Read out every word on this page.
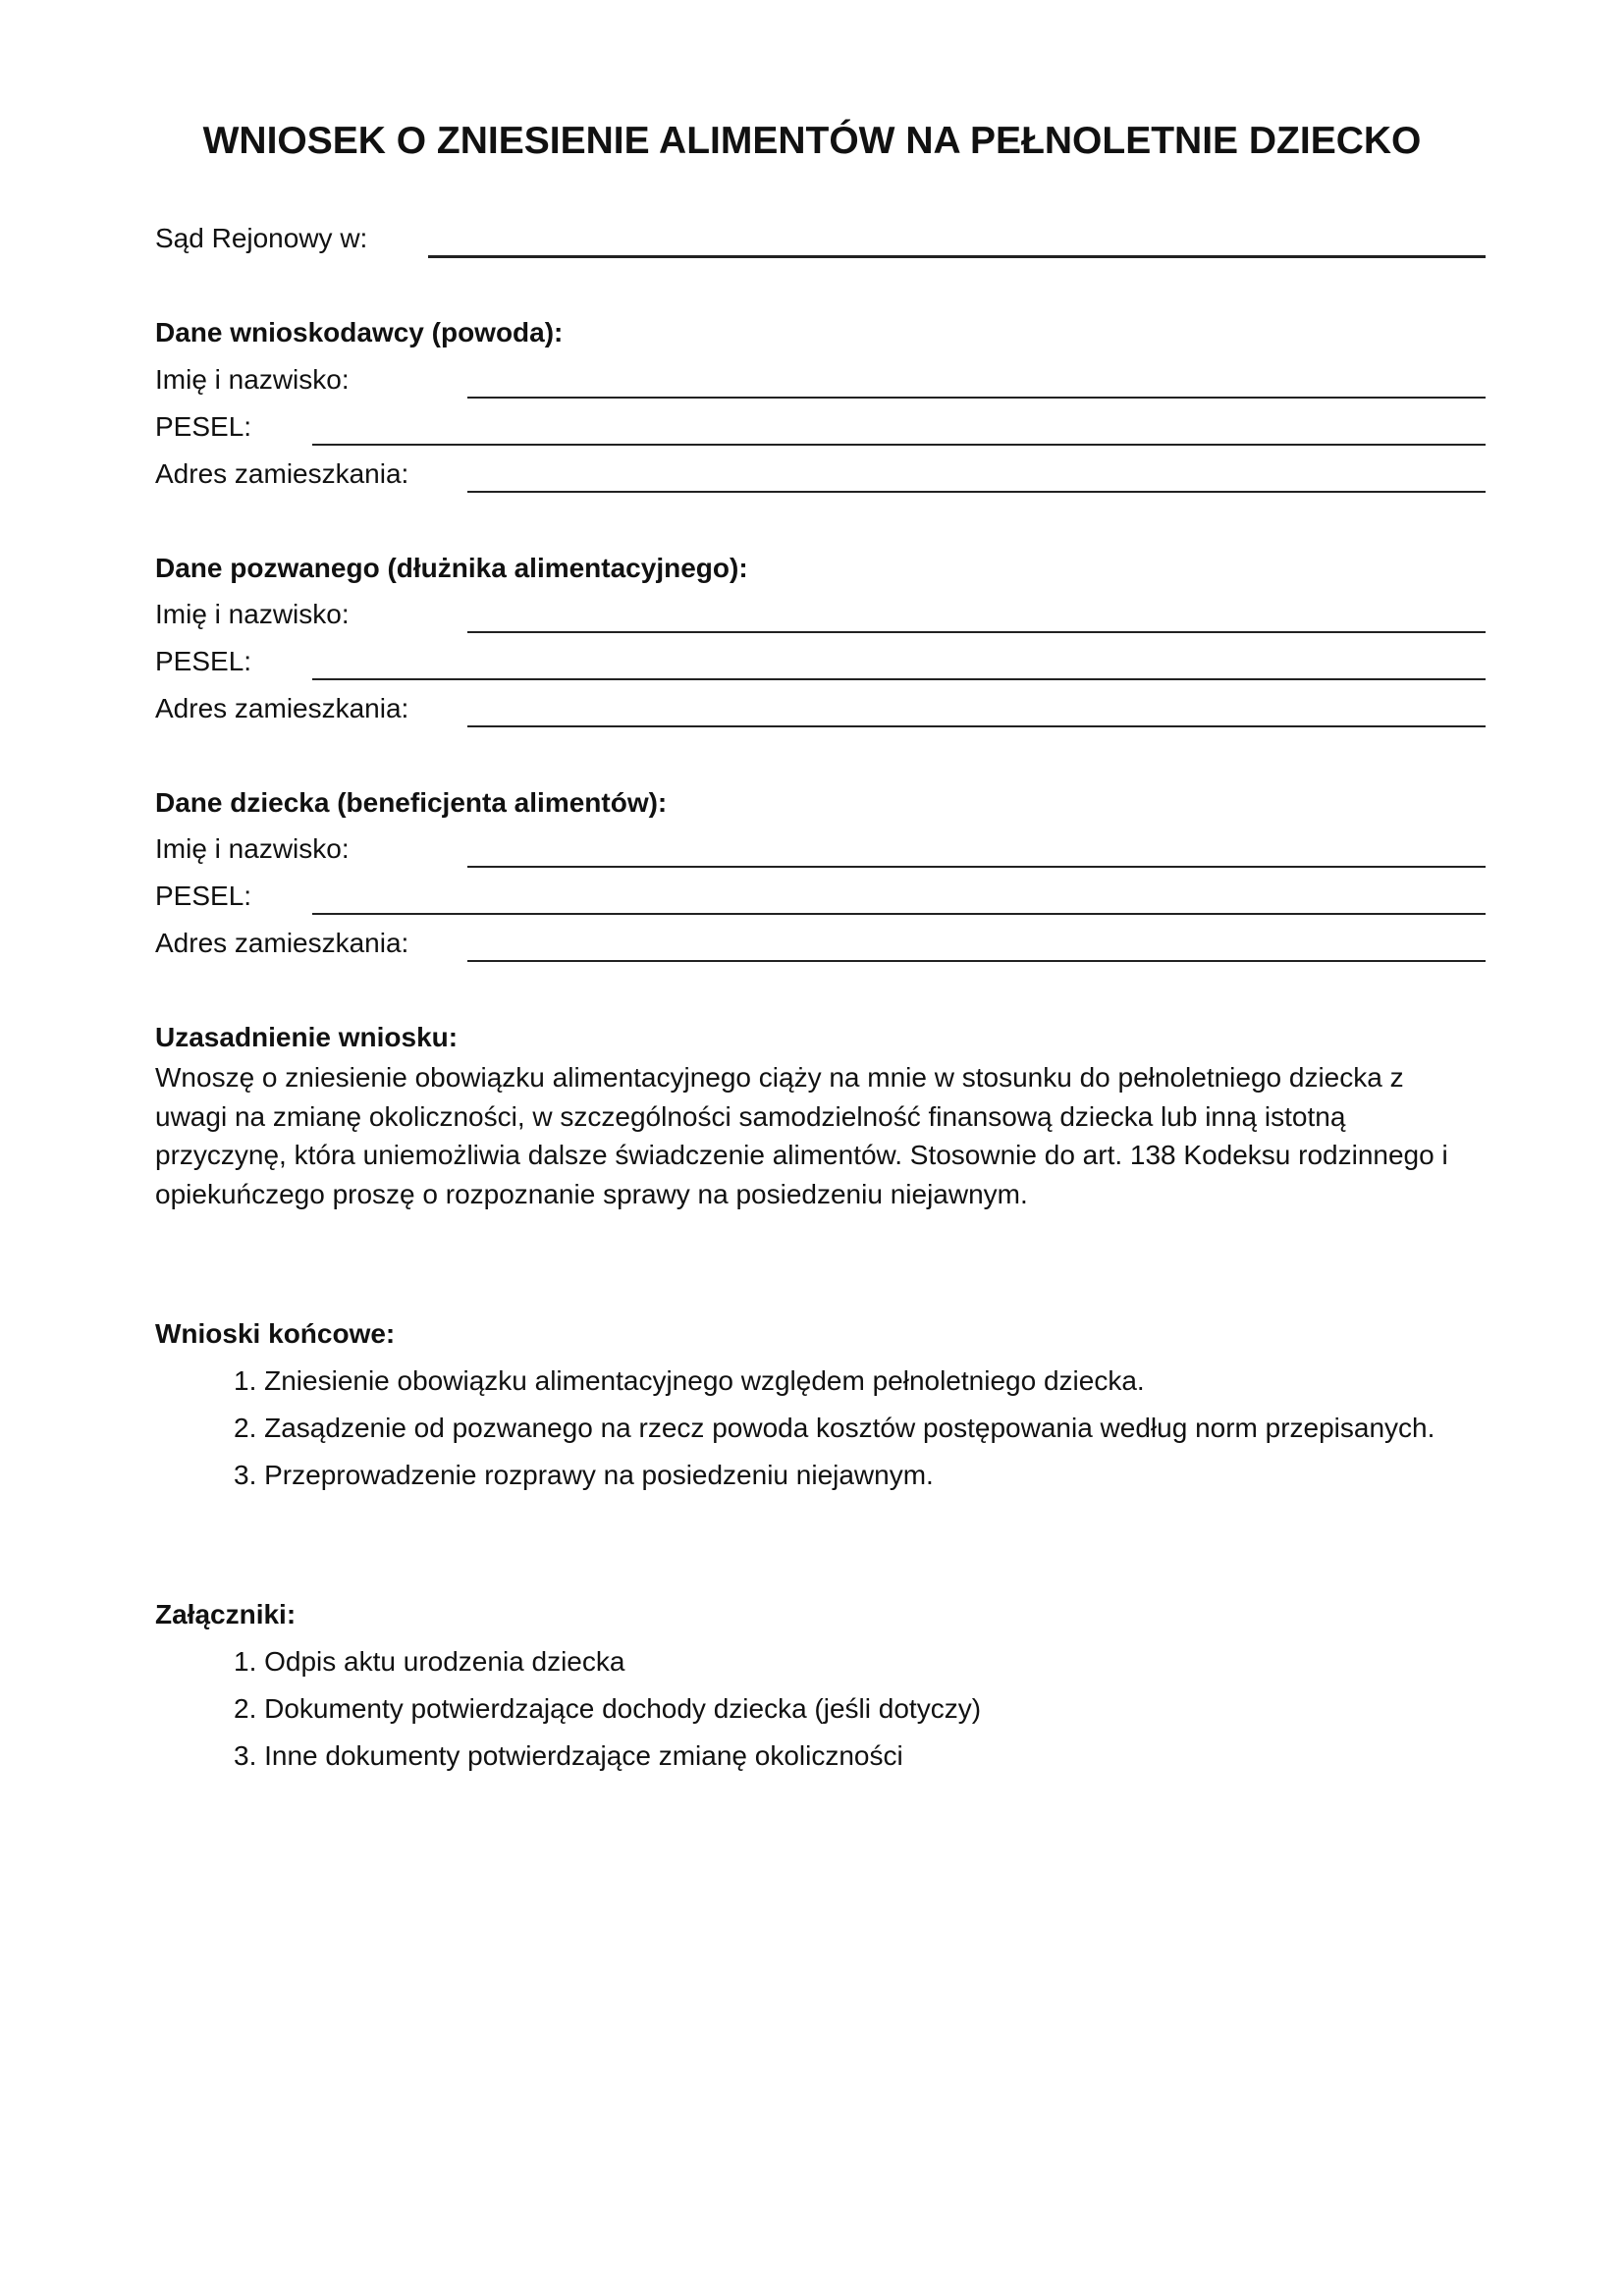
WNIOSEK O ZNIESIENIE ALIMENTÓW NA PEŁNOLETNIE DZIECKO
Sąd Rejonowy w:
Dane wnioskodawcy (powoda):
Imię i nazwisko:
PESEL:
Adres zamieszkania:
Dane pozwanego (dłużnika alimentacyjnego):
Imię i nazwisko:
PESEL:
Adres zamieszkania:
Dane dziecka (beneficjenta alimentów):
Imię i nazwisko:
PESEL:
Adres zamieszkania:
Uzasadnienie wniosku:
Wnoszę o zniesienie obowiązku alimentacyjnego ciąży na mnie w stosunku do pełnoletniego dziecka z
uwagi na zmianę okoliczności, w szczególności samodzielność finansową dziecka lub inną istotną
przyczynę, która uniemożliwia dalsze świadczenie alimentów. Stosownie do art. 138 Kodeksu rodzinnego i
opiekuńczego proszę o rozpoznanie sprawy na posiedzeniu niejawnym.
Wnioski końcowe:
1. Zniesienie obowiązku alimentacyjnego względem pełnoletniego dziecka.
2. Zasądzenie od pozwanego na rzecz powoda kosztów postępowania według norm przepisanych.
3. Przeprowadzenie rozprawy na posiedzeniu niejawnym.
Załączniki:
1. Odpis aktu urodzenia dziecka
2. Dokumenty potwierdzające dochody dziecka (jeśli dotyczy)
3. Inne dokumenty potwierdzające zmianę okoliczności
